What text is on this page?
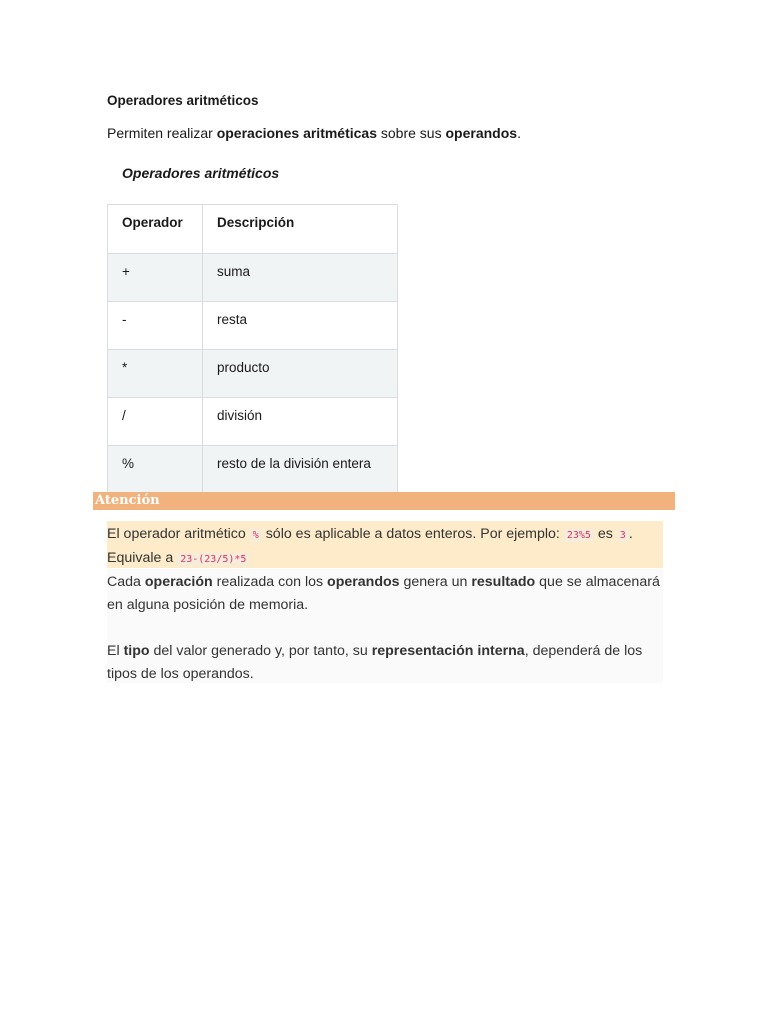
Operadores aritméticos

Permiten realizar operaciones aritméticas sobre sus operandos.

Operadores aritméticos

Operador	Descripción
+	suma
-	resta
*	producto
/	división
%	resto de la división entera
Atención
El operador aritmético % sólo es aplicable a datos enteros. Por ejemplo: 23%5 es 3 . Equivale a 23-(23/5)*5

Cada operación realizada con los operandos genera un resultado que se almacenará en alguna posición de memoria.

El tipo del valor generado y, por tanto, su representación interna, dependerá de los tipos de los operandos.
